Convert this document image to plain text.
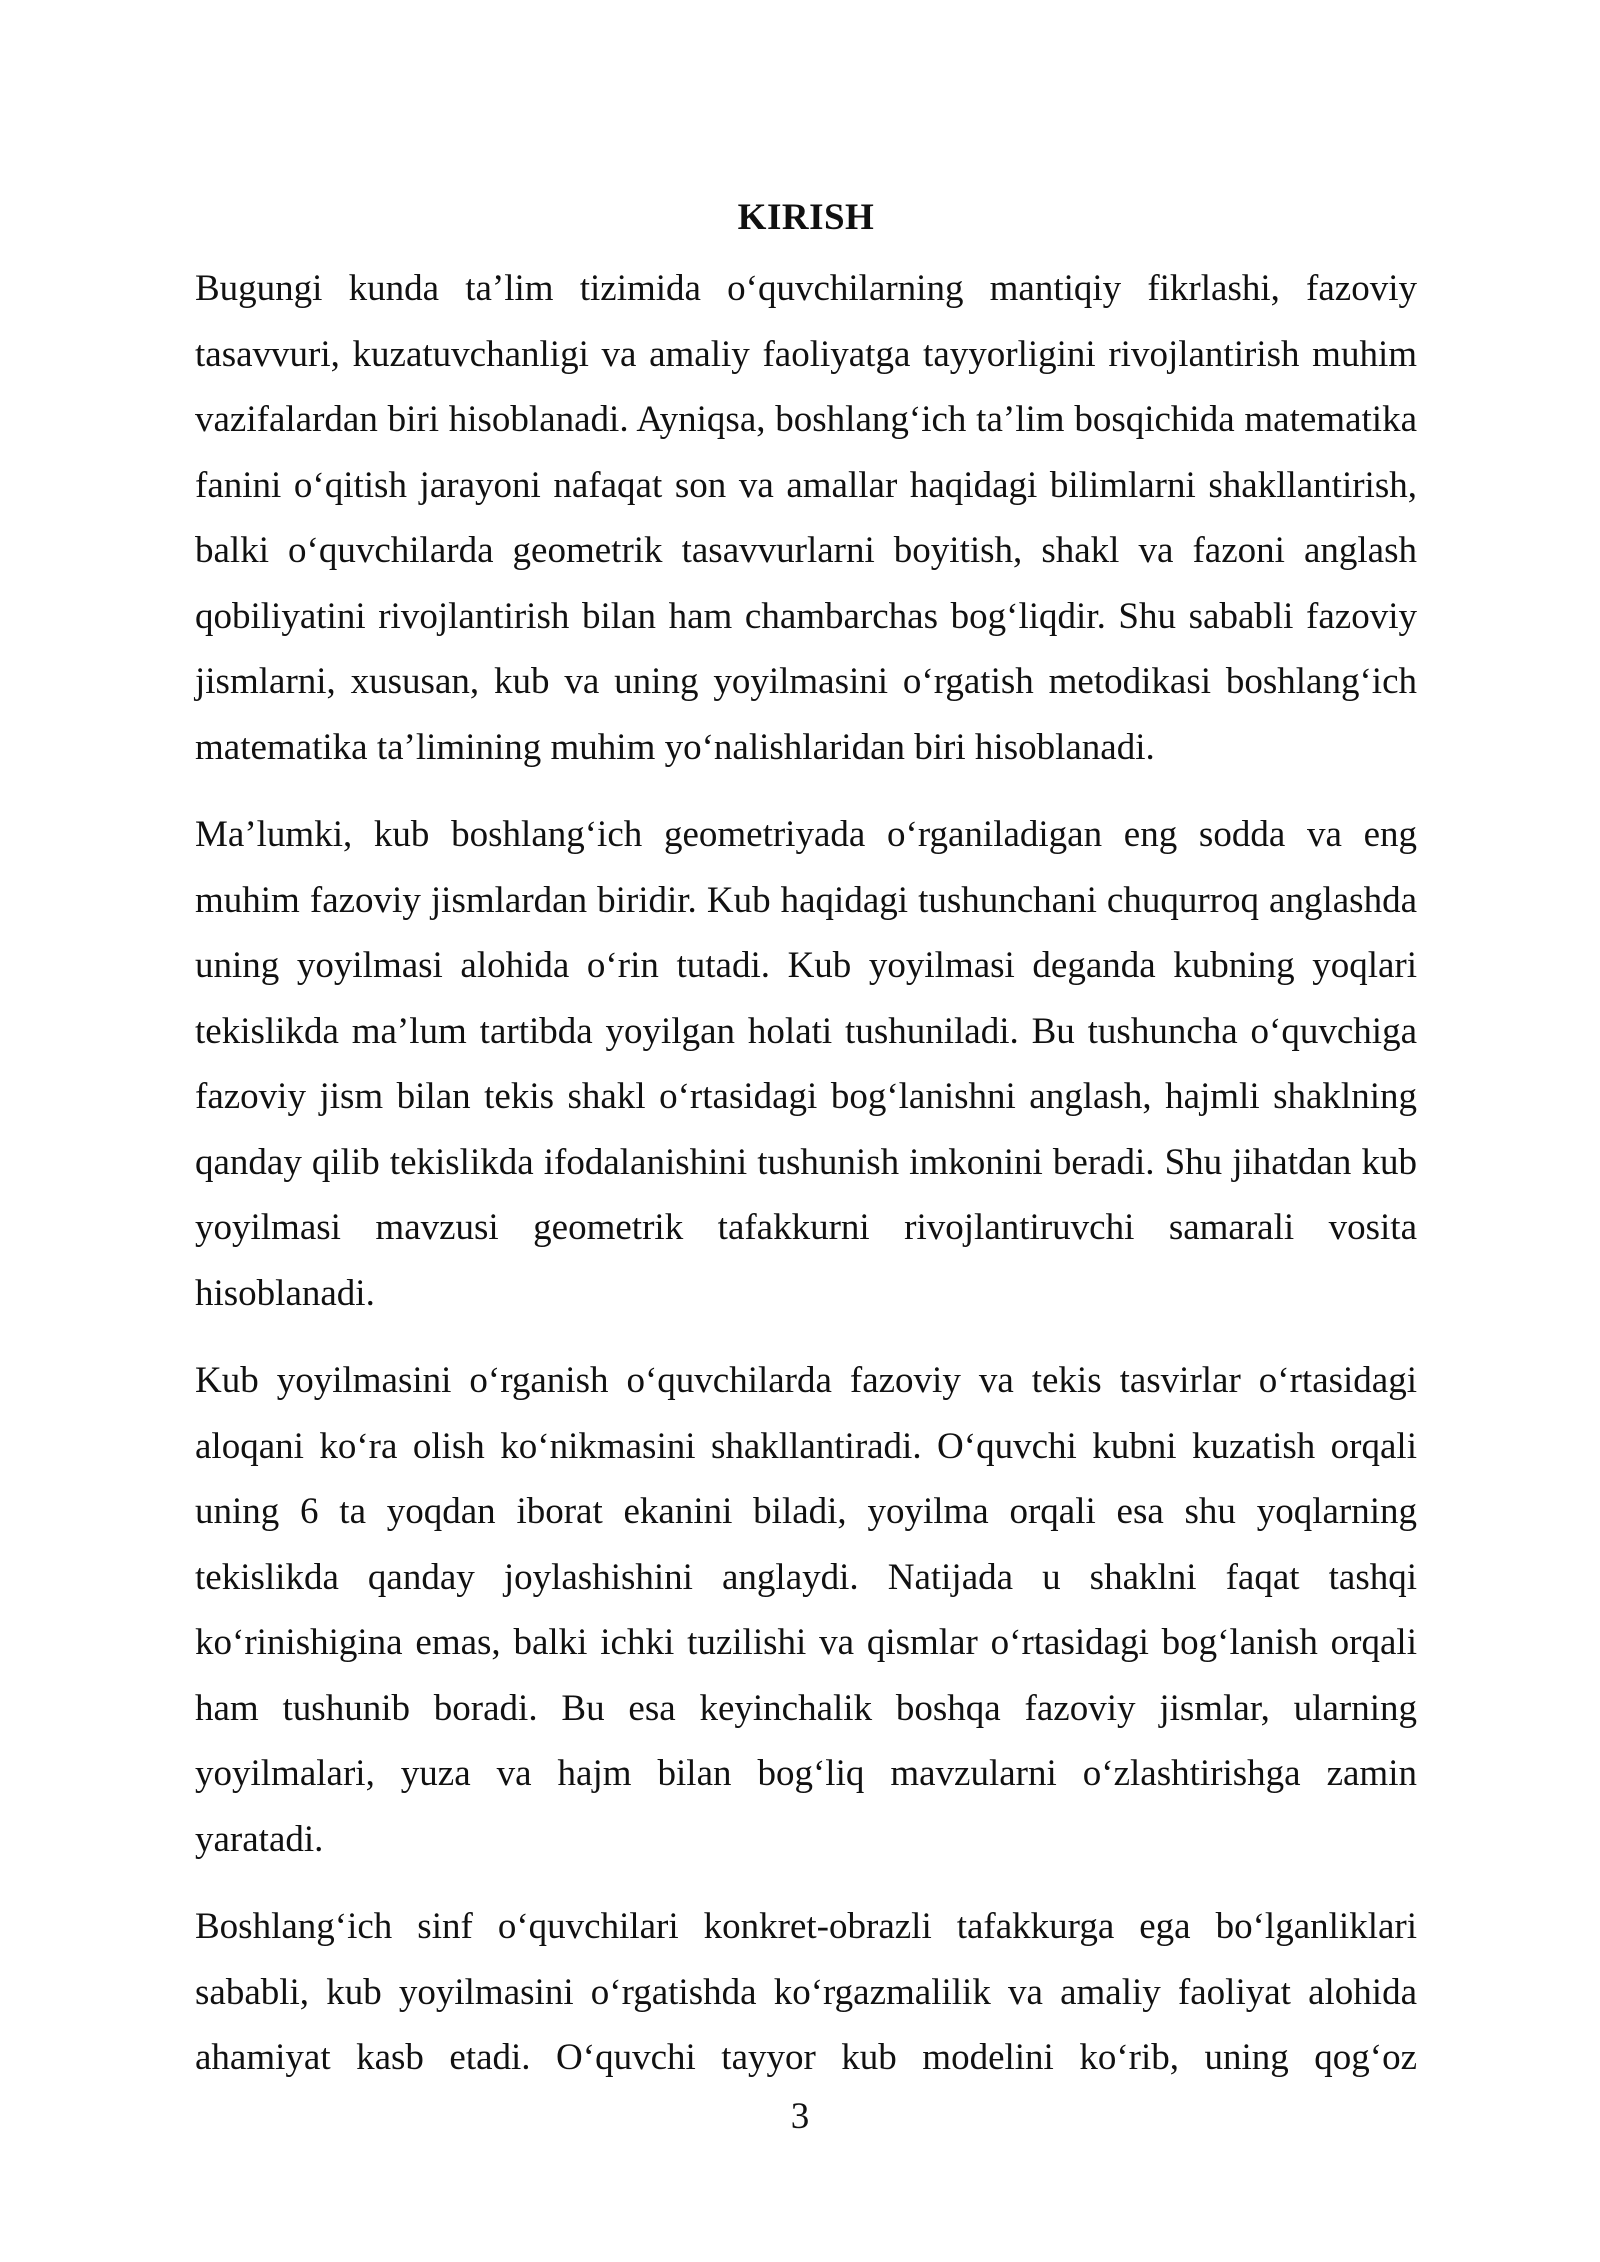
KIRISH

Bugungi kunda ta’lim tizimida o‘quvchilarning mantiqiy fikrlashi, fazoviy tasavvuri, kuzatuvchanligi va amaliy faoliyatga tayyorligini rivojlantirish muhim vazifalardan biri hisoblanadi. Ayniqsa, boshlang‘ich ta’lim bosqichida matematika fanini o‘qitish jarayoni nafaqat son va amallar haqidagi bilimlarni shakllantirish, balki o‘quvchilarda geometrik tasavvurlarni boyitish, shakl va fazoni anglash qobiliyatini rivojlantirish bilan ham chambarchas bog‘liqdir. Shu sababli fazoviy jismlarni, xususan, kub va uning yoyilmasini o‘rgatish metodikasi boshlang‘ich matematika ta’limining muhim yo‘nalishlaridan biri hisoblanadi.

Ma’lumki, kub boshlang‘ich geometriyada o‘rganiladigan eng sodda va eng muhim fazoviy jismlardan biridir. Kub haqidagi tushunchani chuqurroq anglashda uning yoyilmasi alohida o‘rin tutadi. Kub yoyilmasi deganda kubning yoqlari tekislikda ma’lum tartibda yoyilgan holati tushuniladi. Bu tushuncha o‘quvchiga fazoviy jism bilan tekis shakl o‘rtasidagi bog‘lanishni anglash, hajmli shaklning qanday qilib tekislikda ifodalanishini tushunish imkonini beradi. Shu jihatdan kub yoyilmasi mavzusi geometrik tafakkurni rivojlantiruvchi samarali vosita hisoblanadi.

Kub yoyilmasini o‘rganish o‘quvchilarda fazoviy va tekis tasvirlar o‘rtasidagi aloqani ko‘ra olish ko‘nikmasini shakllantiradi. O‘quvchi kubni kuzatish orqali uning 6 ta yoqdan iborat ekanini biladi, yoyilma orqali esa shu yoqlarning tekislikda qanday joylashishini anglaydi. Natijada u shaklni faqat tashqi ko‘rinishigina emas, balki ichki tuzilishi va qismlar o‘rtasidagi bog‘lanish orqali ham tushunib boradi. Bu esa keyinchalik boshqa fazoviy jismlar, ularning yoyilmalari, yuza va hajm bilan bog‘liq mavzularni o‘zlashtirishga zamin yaratadi.

Boshlang‘ich sinf o‘quvchilari konkret-obrazli tafakkurga ega bo‘lganliklari sababli, kub yoyilmasini o‘rgatishda ko‘rgazmalilik va amaliy faoliyat alohida ahamiyat kasb etadi. O‘quvchi tayyor kub modelini ko‘rib, uning qog‘oz

3
